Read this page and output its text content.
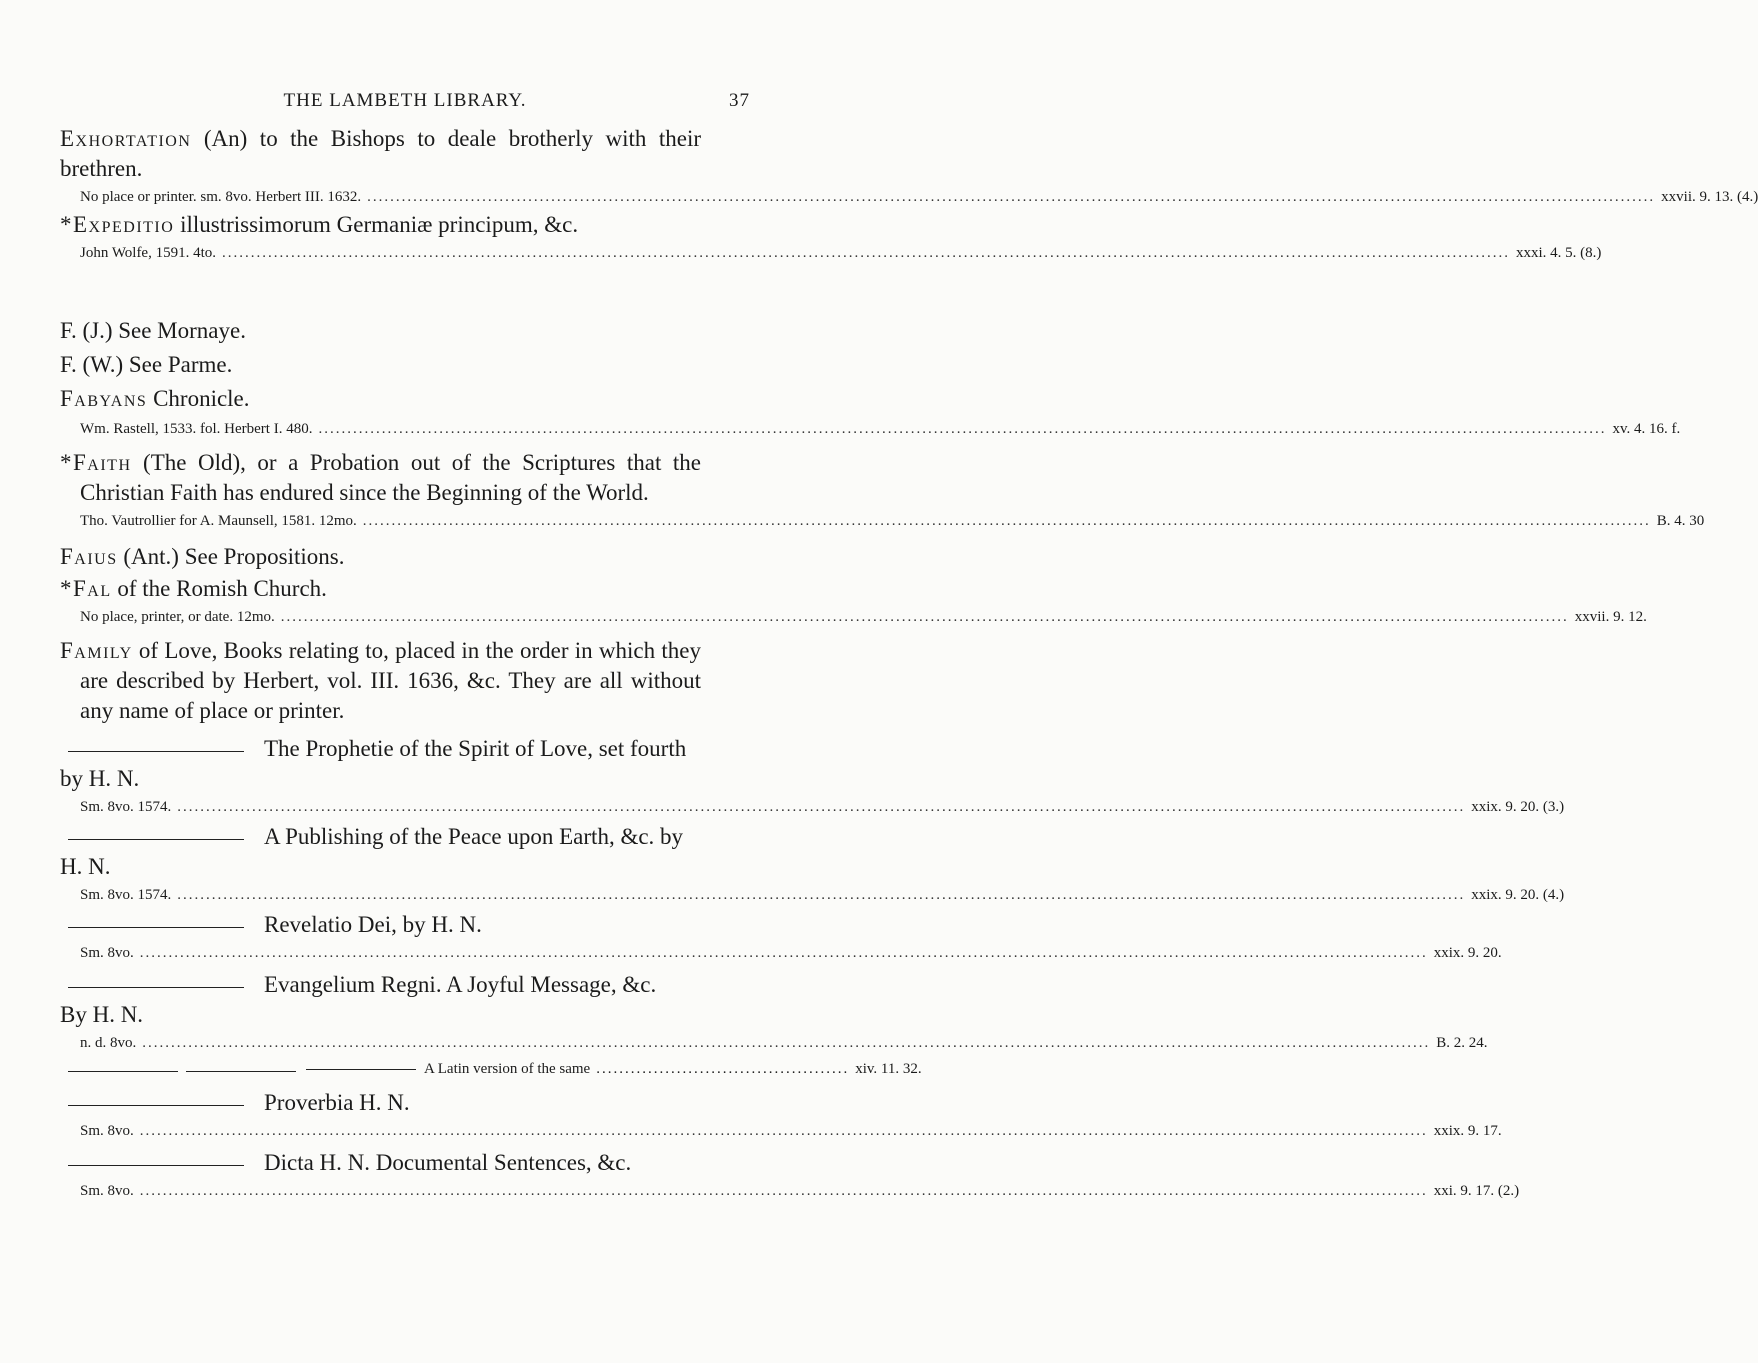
THE LAMBETH LIBRARY.	37
Exhortation (An) to the Bishops to deale brotherly with their brethren.
No place or printer. sm. 8vo. Herbert III. 1632. .....	xxvii. 9. 13. (4.)
*Expeditio illustrissimorum Germaniæ principum, &c.
John Wolfe, 1591. 4to. .....	xxxi. 4. 5. (8.)
F. (J.) See Mornaye.
F. (W.) See Parme.
Fabyans Chronicle.
Wm. Rastell, 1533. fol. Herbert I. 480. .....	xv. 4. 16. f.
*Faith (The Old), or a Probation out of the Scriptures that the Christian Faith has endured since the Beginning of the World.
Tho. Vautrollier for A. Maunsell, 1581. 12mo. .....	B. 4. 30
Faius (Ant.) See Propositions.
*Fal of the Romish Church.
No place, printer, or date. 12mo. .....	xxvii. 9. 12.
Family of Love, Books relating to, placed in the order in which they are described by Herbert, vol. III. 1636, &c. They are all without any name of place or printer.
The Prophetie of the Spirit of Love, set fourth
by H. N.
Sm. 8vo. 1574. .....	xxix. 9. 20. (3.)
A Publishing of the Peace upon Earth, &c. by
H. N.
Sm. 8vo. 1574. .....	xxix. 9. 20. (4.)
Revelatio Dei, by H. N.
Sm. 8vo. .....	xxix. 9. 20.
Evangelium Regni. A Joyful Message, &c.
By H. N.
n. d. 8vo. .....	B. 2. 24.
A Latin version of the same ............................................ xiv. 11. 32.
Proverbia H. N.
Sm. 8vo. .....	xxix. 9. 17.
Dicta H. N. Documental Sentences, &c.
Sm. 8vo. .....	xxi. 9. 17. (2.)
